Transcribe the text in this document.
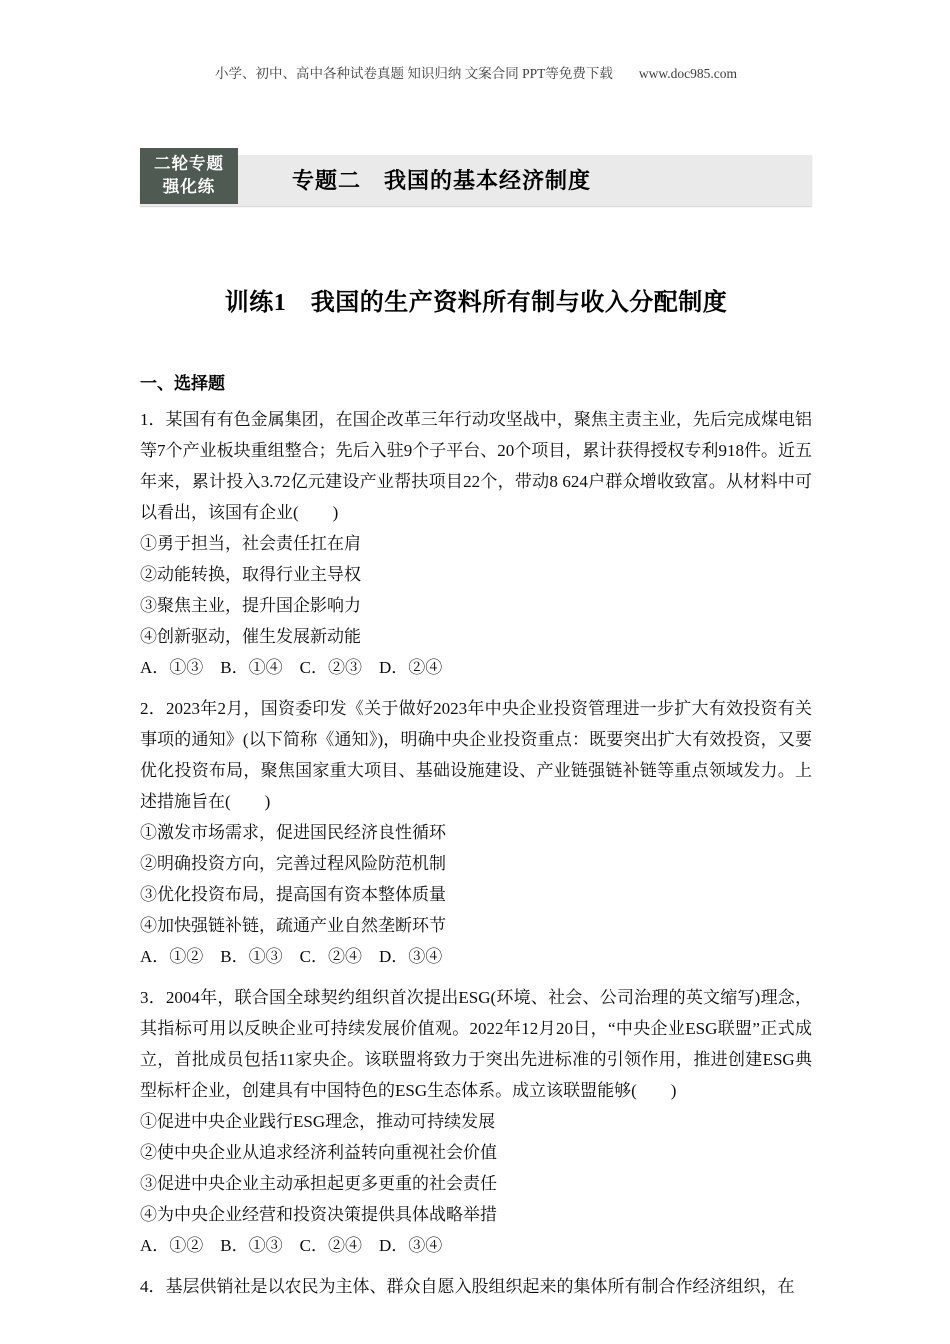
小学、初中、高中各种试卷真题 知识归纳 文案合同 PPT等免费下载 www.doc985.com
专题二　我国的基本经济制度
二轮专题
强化练
训练1　我国的生产资料所有制与收入分配制度
一、选择题

1．某国有有色金属集团，在国企改革三年行动攻坚战中，聚焦主责主业，先后完成煤电铝等7个产业板块重组整合；先后入驻9个子平台、20个项目，累计获得授权专利918件。近五年来，累计投入3.72亿元建设产业帮扶项目22个，带动8 624户群众增收致富。从材料中可以看出，该国有企业(　　)

①勇于担当，社会责任扛在肩

②动能转换，取得行业主导权

③聚焦主业，提升国企影响力

④创新驱动，催生发展新动能

A．①③　B．①④　C．②③　D．②④

2．2023年2月，国资委印发《关于做好2023年中央企业投资管理进一步扩大有效投资有关事项的通知》(以下简称《通知》)，明确中央企业投资重点：既要突出扩大有效投资，又要优化投资布局，聚焦国家重大项目、基础设施建设、产业链强链补链等重点领域发力。上述措施旨在(　　)

①激发市场需求，促进国民经济良性循环

②明确投资方向，完善过程风险防范机制

③优化投资布局，提高国有资本整体质量

④加快强链补链，疏通产业自然垄断环节

A．①②　B．①③　C．②④　D．③④

3．2004年，联合国全球契约组织首次提出ESG(环境、社会、公司治理的英文缩写)理念，其指标可用以反映企业可持续发展价值观。2022年12月20日，“中央企业ESG联盟”正式成立，首批成员包括11家央企。该联盟将致力于突出先进标准的引领作用，推进创建ESG典型标杆企业，创建具有中国特色的ESG生态体系。成立该联盟能够(　　)

①促进中央企业践行ESG理念，推动可持续发展

②使中央企业从追求经济利益转向重视社会价值

③促进中央企业主动承担起更多更重的社会责任

④为中央企业经营和投资决策提供具体战略举措

A．①②　B．①③　C．②④　D．③④

4．基层供销社是以农民为主体、群众自愿入股组织起来的集体所有制合作经济组织，在
